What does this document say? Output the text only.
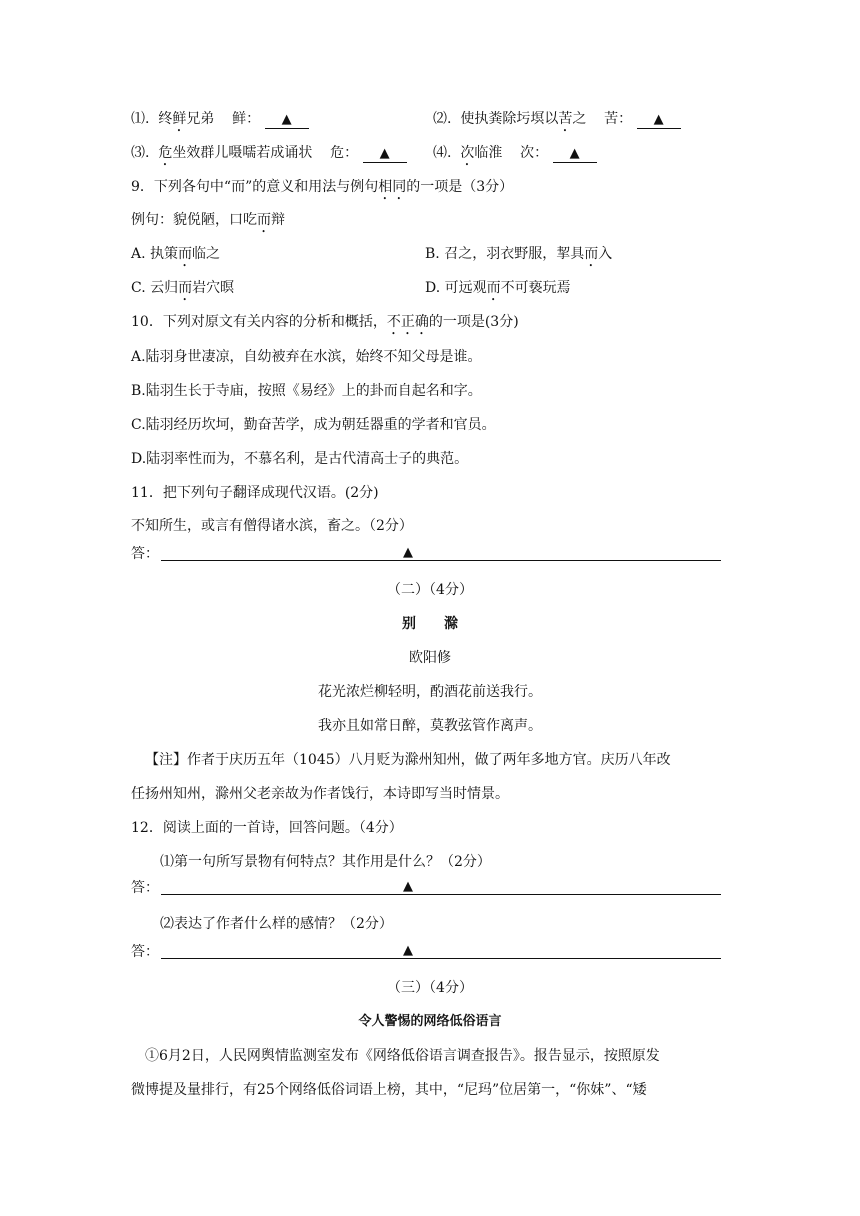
⑴. 终鲜兄弟 鲜： ▲	⑵. 使执粪除圬塓以苦之 苦： ▲
⑶. 危坐效群儿嗫嚅若成诵状 危： ▲	⑷. 次临淮 次： ▲
9．下列各句中“而”的意义和用法与例句相同的一项是（3分）
例句：貌侻陋，口吃而辩
A. 执策而临之	B. 召之，羽衣野服，挈具而入
C. 云归而岩穴暝	D. 可远观而不可亵玩焉
10．下列对原文有关内容的分析和概括，不正确的一项是(3分)
A.陆羽身世凄凉，自幼被弃在水滨，始终不知父母是谁。
B.陆羽生长于寺庙，按照《易经》上的卦而自起名和字。
C.陆羽经历坎坷，勤奋苦学，成为朝廷器重的学者和官员。
D.陆羽率性而为，不慕名利，是古代清高士子的典范。
11．把下列句子翻译成现代汉语。(2分)
不知所生，或言有僧得诸水滨，畜之。（2分）
答：	▲
（二）（4分）
别　　滁
欧阳修
花光浓烂柳轻明，酌酒花前送我行。
我亦且如常日醉，莫教弦管作离声。
【注】作者于庆历五年（1045）八月贬为滁州知州，做了两年多地方官。庆历八年改
任扬州知州，滁州父老亲故为作者饯行，本诗即写当时情景。
12．阅读上面的一首诗，回答问题。（4分）
⑴第一句所写景物有何特点？其作用是什么？（2分）
答：	▲
⑵表达了作者什么样的感情？（2分）
答：	▲
（三）（4分）
令人警惕的网络低俗语言
①6月2日，人民网舆情监测室发布《网络低俗语言调查报告》。报告显示，按照原发
微博提及量排行，有25个网络低俗词语上榜，其中，“尼玛”位居第一，“你妹”、“矮
